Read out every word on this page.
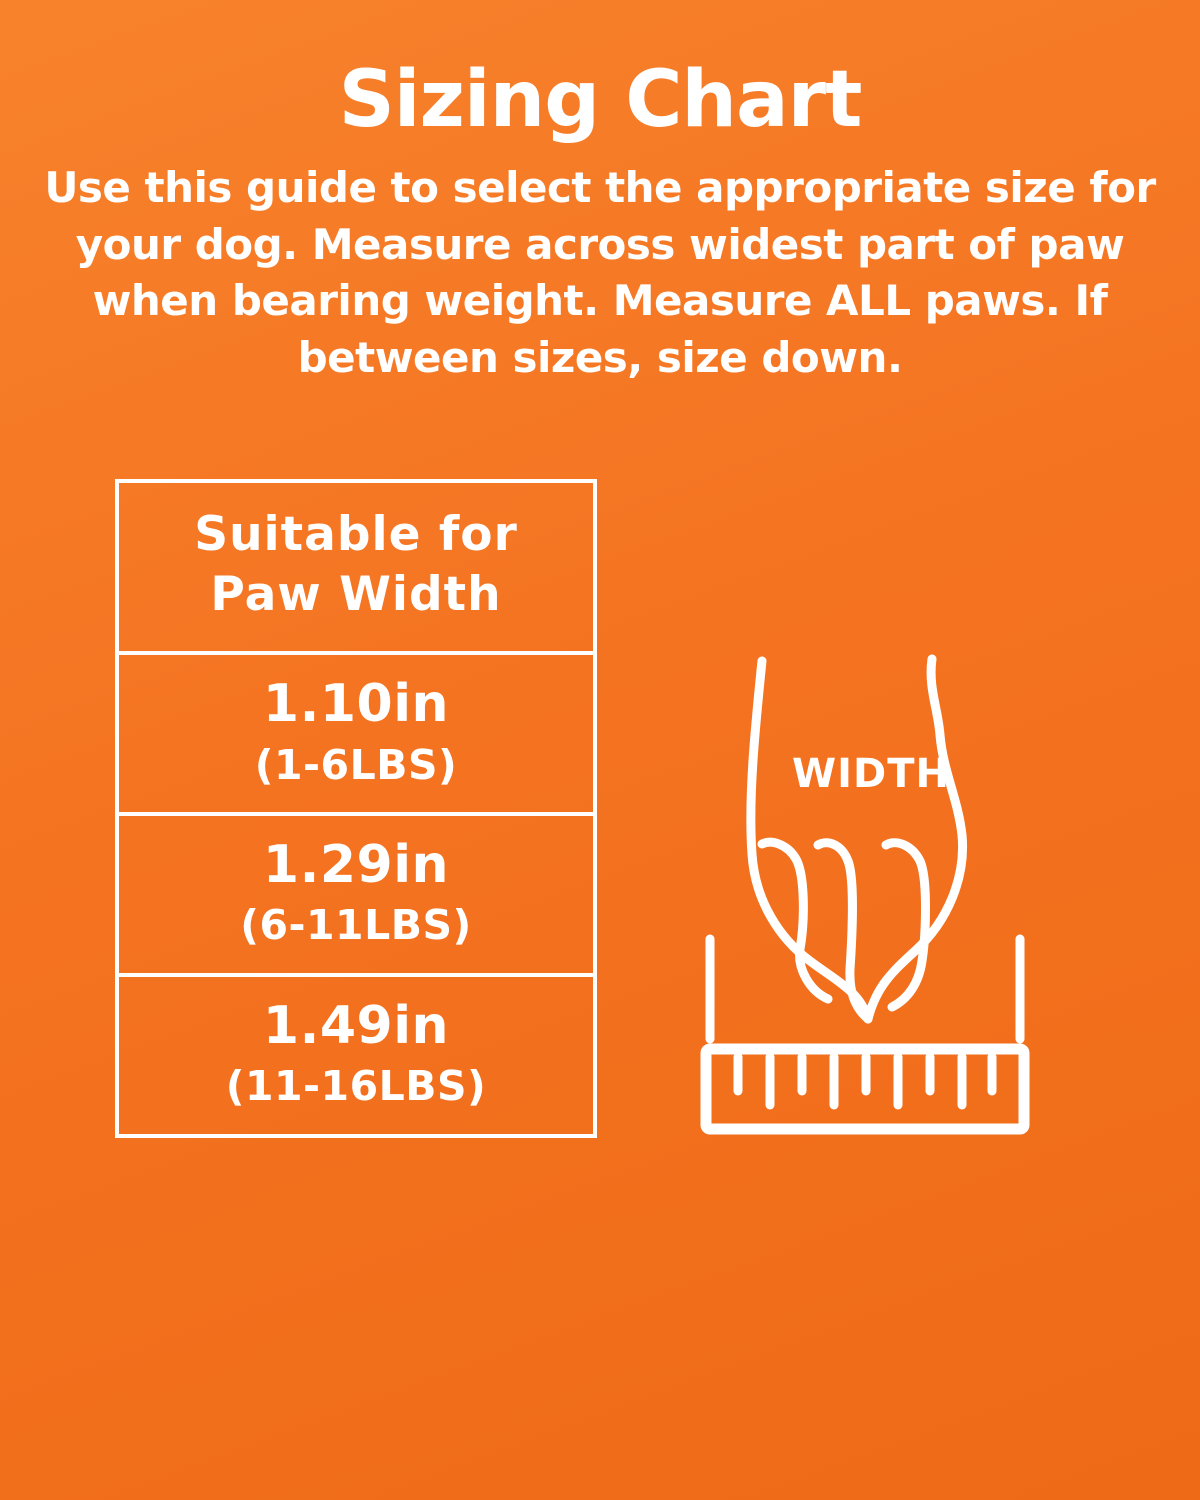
Sizing Chart

Use this guide to select the appropriate size for your dog. Measure across widest part of paw when bearing weight. Measure ALL paws. If between sizes, size down.

Suitable for
Paw Width
1.10in
(1-6LBS)
1.29in
(6-11LBS)
1.49in
(11-16LBS)
WIDTH
